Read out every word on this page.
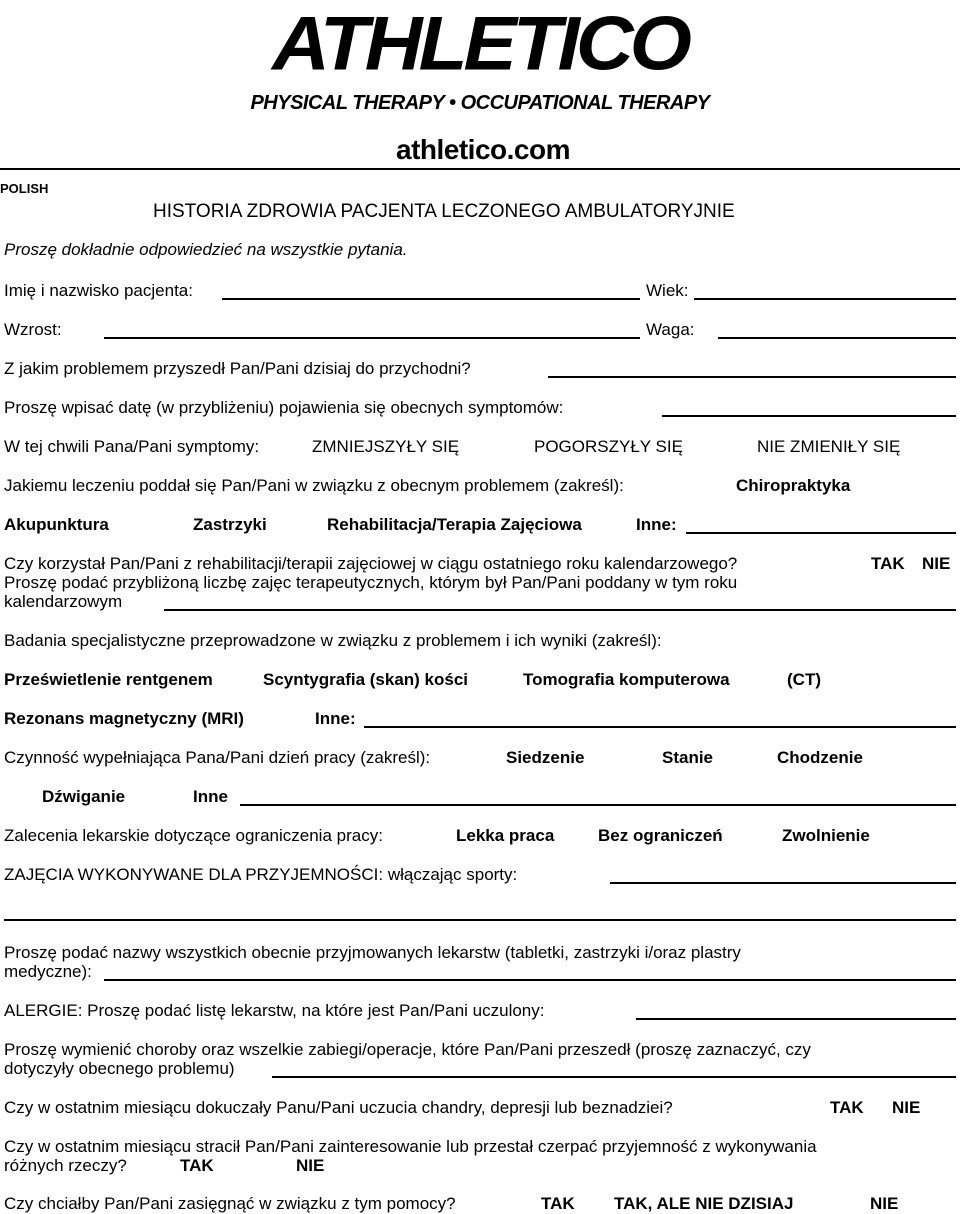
ATHLETICO
PHYSICAL THERAPY • OCCUPATIONAL THERAPY
athletico.com
POLISH
HISTORIA ZDROWIA PACJENTA LECZONEGO AMBULATORYJNIE
Proszę dokładnie odpowiedzieć na wszystkie pytania.
Imię i nazwisko pacjenta:	Wiek:
Wzrost:	Waga:
Z jakim problemem przyszedł Pan/Pani dzisiaj do przychodni?
Proszę wpisać datę (w przybliżeniu) pojawienia się obecnych symptomów:
W tej chwili Pana/Pani symptomy:	ZMNIEJSZYŁY SIĘ	POGORSZYŁY SIĘ	NIE ZMIENIŁY SIĘ
Jakiemu leczeniu poddał się Pan/Pani w związku z obecnym problemem (zakreśl):	Chiropraktyka
Akupunktura	Zastrzyki	Rehabilitacja/Terapia Zajęciowa	Inne:
Czy korzystał Pan/Pani z rehabilitacji/terapii zajęciowej w ciągu ostatniego roku kalendarzowego?	TAK NIE
Proszę podać przybliżoną liczbę zajęc terapeutycznych, którym był Pan/Pani poddany w tym roku
kalendarzowym
Badania specjalistyczne przeprowadzone w związku z problemem i ich wyniki (zakreśl):
Prześwietlenie rentgenem	Scyntygrafia (skan) kości	Tomografia komputerowa	(CT)
Rezonans magnetyczny (MRI)	Inne:
Czynność wypełniająca Pana/Pani dzień pracy (zakreśl):	Siedzenie	Stanie	Chodzenie
Dźwiganie	Inne
Zalecenia lekarskie dotyczące ograniczenia pracy:	Lekka praca	Bez ograniczeń	Zwolnienie
ZAJĘCIA WYKONYWANE DLA PRZYJEMNOŚCI: włączając sporty:
Proszę podać nazwy wszystkich obecnie przyjmowanych lekarstw (tabletki, zastrzyki i/oraz plastry
medyczne):
ALERGIE: Proszę podać listę lekarstw, na które jest Pan/Pani uczulony:
Proszę wymienić choroby oraz wszelkie zabiegi/operacje, które Pan/Pani przeszedł (proszę zaznaczyć, czy
dotyczyły obecnego problemu)
Czy w ostatnim miesiącu dokuczały Panu/Pani uczucia chandry, depresji lub beznadziei?	TAK NIE
Czy w ostatnim miesiącu stracił Pan/Pani zainteresowanie lub przestał czerpać przyjemność z wykonywania
różnych rzeczy?	TAK	NIE
Czy chciałby Pan/Pani zasięgnąć w związku z tym pomocy?	TAK TAK, ALE NIE DZISIAJ	NIE
